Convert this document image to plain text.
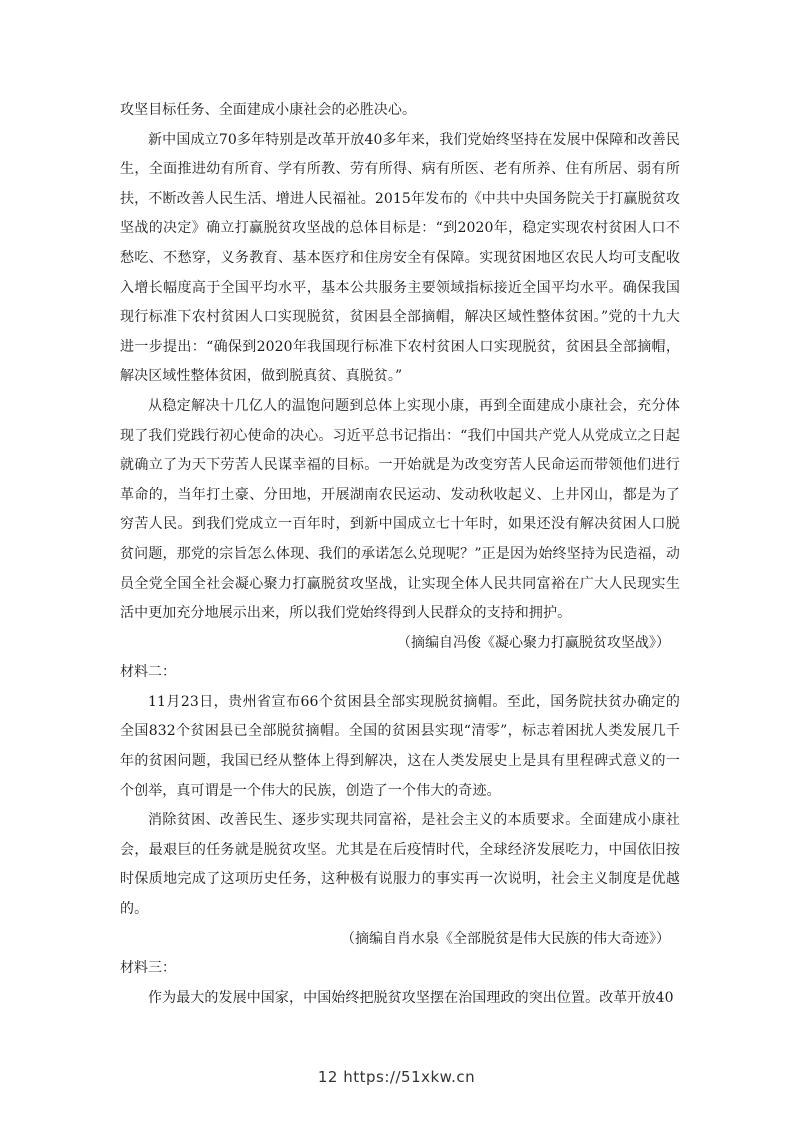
攻坚目标任务、全面建成小康社会的必胜决心。

新中国成立70多年特别是改革开放40多年来，我们党始终坚持在发展中保障和改善民生，全面推进幼有所育、学有所教、劳有所得、病有所医、老有所养、住有所居、弱有所扶，不断改善人民生活、增进人民福祉。2015年发布的《中共中央国务院关于打赢脱贫攻坚战的决定》确立打赢脱贫攻坚战的总体目标是：“到2020年，稳定实现农村贫困人口不愁吃、不愁穿，义务教育、基本医疗和住房安全有保障。实现贫困地区农民人均可支配收入增长幅度高于全国平均水平，基本公共服务主要领域指标接近全国平均水平。确保我国现行标准下农村贫困人口实现脱贫，贫困县全部摘帽，解决区域性整体贫困。”党的十九大进一步提出：“确保到2020年我国现行标准下农村贫困人口实现脱贫，贫困县全部摘帽，解决区域性整体贫困，做到脱真贫、真脱贫。”

从稳定解决十几亿人的温饱问题到总体上实现小康，再到全面建成小康社会，充分体现了我们党践行初心使命的决心。习近平总书记指出：“我们中国共产党人从党成立之日起就确立了为天下劳苦人民谋幸福的目标。一开始就是为改变穷苦人民命运而带领他们进行革命的，当年打土豪、分田地，开展湖南农民运动、发动秋收起义、上井冈山，都是为了穷苦人民。到我们党成立一百年时，到新中国成立七十年时，如果还没有解决贫困人口脱贫问题，那党的宗旨怎么体现、我们的承诺怎么兑现呢？”正是因为始终坚持为民造福，动员全党全国全社会凝心聚力打赢脱贫攻坚战，让实现全体人民共同富裕在广大人民现实生活中更加充分地展示出来，所以我们党始终得到人民群众的支持和拥护。

（摘编自冯俊《凝心聚力打赢脱贫攻坚战》）

材料二：

11月23日，贵州省宣布66个贫困县全部实现脱贫摘帽。至此，国务院扶贫办确定的全国832个贫困县已全部脱贫摘帽。全国的贫困县实现“清零”，标志着困扰人类发展几千年的贫困问题，我国已经从整体上得到解决，这在人类发展史上是具有里程碑式意义的一个创举，真可谓是一个伟大的民族，创造了一个伟大的奇迹。

消除贫困、改善民生、逐步实现共同富裕，是社会主义的本质要求。全面建成小康社会，最艰巨的任务就是脱贫攻坚。尤其是在后疫情时代，全球经济发展吃力，中国依旧按时保质地完成了这项历史任务，这种极有说服力的事实再一次说明，社会主义制度是优越的。

（摘编自肖水泉《全部脱贫是伟大民族的伟大奇迹》）

材料三：

作为最大的发展中国家，中国始终把脱贫攻坚摆在治国理政的突出位置。改革开放40

12 https://51xkw.cn
